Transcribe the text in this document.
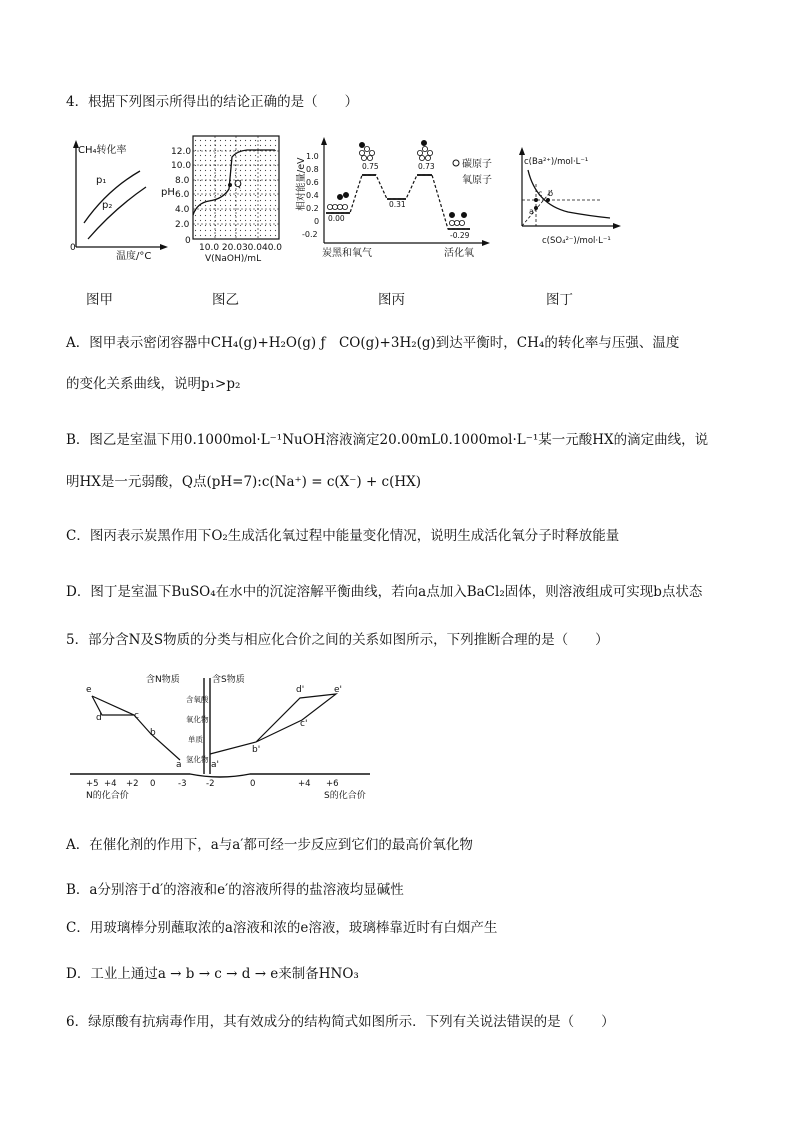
4．根据下列图示所得出的结论正确的是（　　）
CH₄转化率
0
温度/°C
p₁
p₂
12.0
10.0
8.0
6.0
4.0
2.0
0
pH
Q
10.0 20.030.040.0
V(NaOH)/mL
相对能量/eV
1.0
0.8
0.6
0.4
0.2
0
-0.2
0.00
0.75
0.31
0.73
-0.29
炭黑和氧气	活化氧
碳原子
氧原子
c(Ba²⁺)/mol·L⁻¹
c(SO₄²⁻)/mol·L⁻¹
a
b
c
图甲	图乙	图丙	图丁
A．图甲表示密闭容器中CH₄(g)+H₂O(g) ƒ　CO(g)+3H₂(g)到达平衡时，CH₄的转化率与压强、温度
的变化关系曲线，说明p₁>p₂
B．图乙是室温下用0.1000mol·L⁻¹NuOH溶液滴定20.00mL0.1000mol·L⁻¹某一元酸HX的滴定曲线，说
明HX是一元弱酸，Q点(pH=7):c(Na⁺) = c(X⁻) + c(HX)
C．图丙表示炭黑作用下O₂生成活化氧过程中能量变化情况，说明生成活化氧分子时释放能量
D．图丁是室温下BuSO₄在水中的沉淀溶解平衡曲线，若向a点加入BaCl₂固体，则溶液组成可实现b点状态
5．部分含N及S物质的分类与相应化合价之间的关系如图所示，下列推断合理的是（　　）
含N物质	含S物质
含氧酸
氧化物
单质
氢化物
e
d	c
b
a	a'
b'
c'
d'	e'
+5 +4 +2 0	-3 -2	0	+4 +6
N的化合价	S的化合价
A．在催化剂的作用下，a与a′都可经一步反应到它们的最高价氧化物
B．a分别溶于d′的溶液和e′的溶液所得的盐溶液均显碱性
C．用玻璃棒分别蘸取浓的a溶液和浓的e溶液，玻璃棒靠近时有白烟产生
D．工业上通过a → b → c → d → e来制备HNO₃
6．绿原酸有抗病毒作用，其有效成分的结构简式如图所示．下列有关说法错误的是（　　）
